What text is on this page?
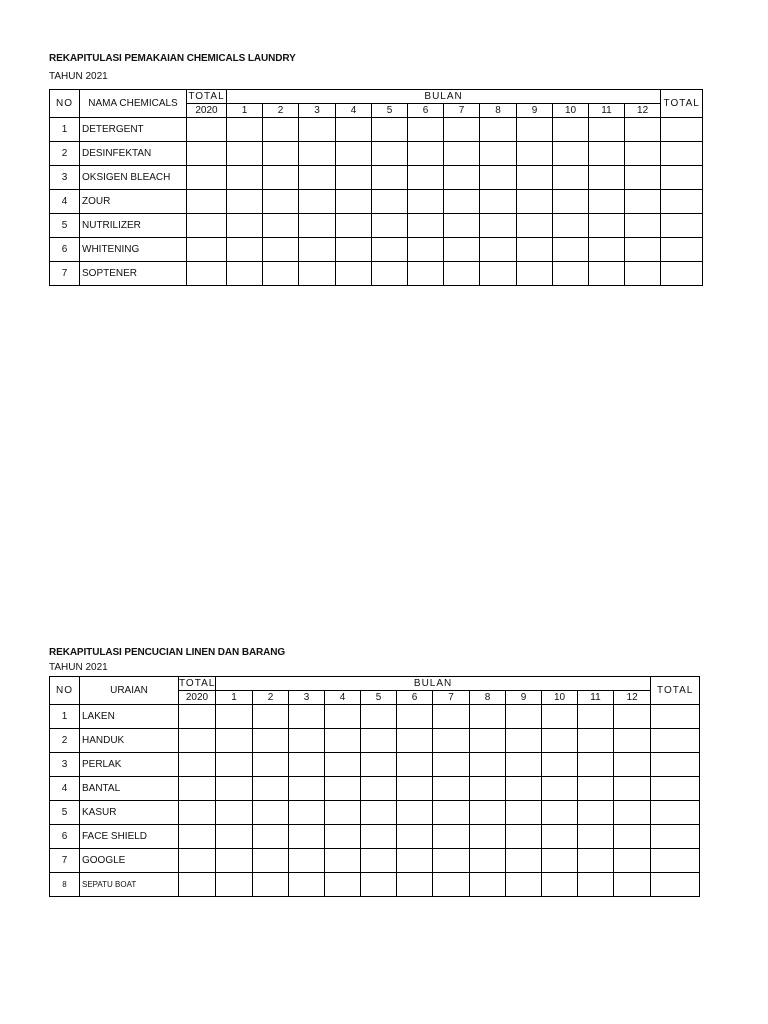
REKAPITULASI PEMAKAIAN CHEMICALS LAUNDRY

TAHUN 2021

NO	NAMA CHEMICALS	TOTAL	BULAN												TOTAL
		2020	1	2	3	4	5	6	7	8	9	10	11	12	
1	DETERGENT														
2	DESINFEKTAN														
3	OKSIGEN BLEACH														
4	ZOUR														
5	NUTRILIZER														
6	WHITENING														
7	SOPTENER														

REKAPITULASI PENCUCIAN LINEN DAN BARANG

TAHUN 2021

NO	URAIAN	TOTAL	BULAN												TOTAL
		2020	1	2	3	4	5	6	7	8	9	10	11	12	
1	LAKEN														
2	HANDUK														
3	PERLAK														
4	BANTAL														
5	KASUR														
6	FACE SHIELD														
7	GOOGLE														
8	SEPATU BOAT														
